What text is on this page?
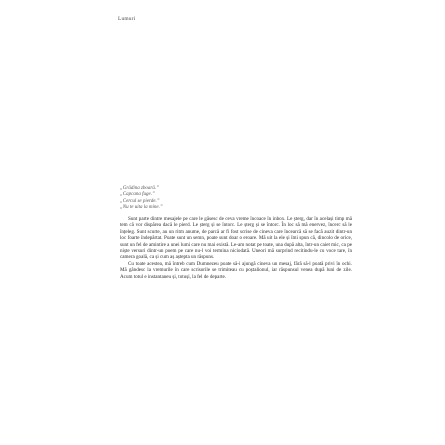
Lumuri
„Grădina zboară.”
„Capcana fuge.”
„Cercul se pierde.”
„Nu te uita la mine.”

Sunt parte dintre mesajele pe care le găsesc de ceva vreme încoace în inbox. Le șterg, dar în același timp mă tem că vor dispărea dacă le pierd. Le șterg și se întorc. Le șterg și se întorc. În loc să mă enervez, încerc să le înțeleg. Sunt scurte, au un ritm anume, de parcă ar fi fost scrise de cineva care încearcă să se facă auzit dintr-un loc foarte îndepărtat. Poate sunt un semn, poate sunt doar o eroare. Mă uit la ele și îmi spun că, dincolo de orice, sunt un fel de amintire a unei lumi care nu mai există. Le-am notat pe toate, una după alta, într-un caiet mic, ca pe niște versuri dintr-un poem pe care nu-l voi termina niciodată. Uneori mă surprind recitindu-le cu voce tare, în camera goală, ca și cum aș aștepta un răspuns.

Cu toate acestea, mă întreb cum Dumnezeu poate să-i ajungă cineva un mesaj, fără să-l poată privi în ochi. Mă gândesc la vremurile în care scrisorile se trimiteau cu poștalionul, iar răspunsul venea după luni de zile. Acum totul e instantaneu și, totuși, la fel de departe.
